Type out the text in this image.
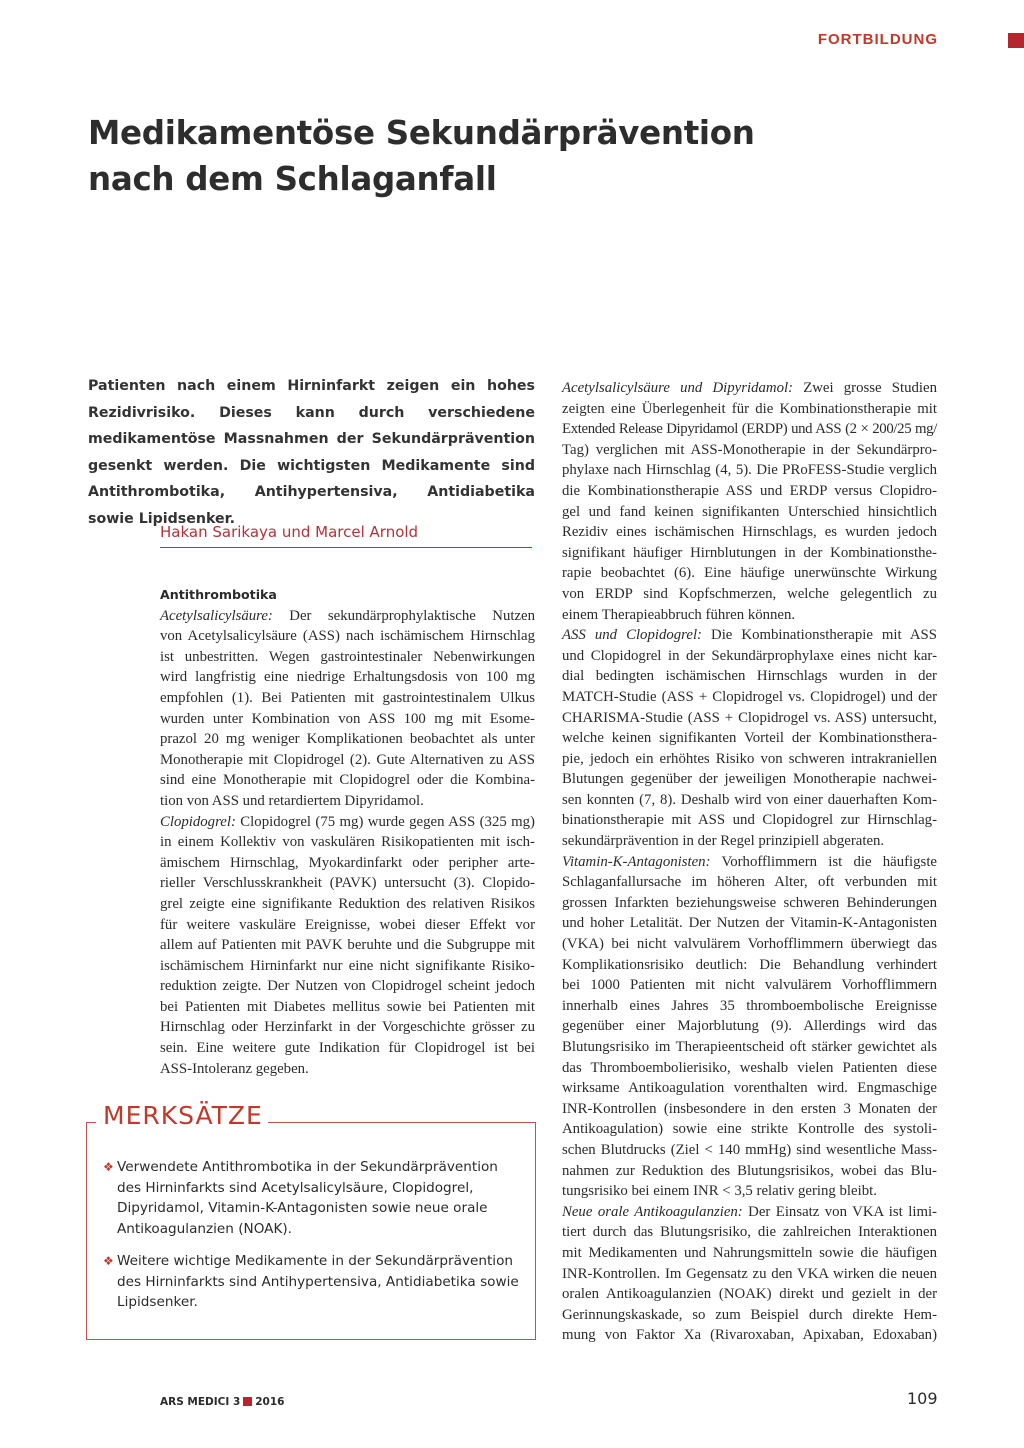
FORTBILDUNG
Medikamentöse Sekundärprävention
nach dem Schlaganfall
Patienten nach einem Hirninfarkt zeigen ein hohes Rezidivrisiko. Dieses kann durch verschiedene medikamentöse Massnahmen der Sekundärprävention gesenkt werden. Die wichtigsten Medikamente sind Antithrombotika, Antihypertensiva, Antidiabetika sowie Lipidsenker.
Hakan Sarikaya und Marcel Arnold
Antithrombotika

Acetylsalicylsäure: Der sekundärprophylaktische Nutzen

von Acetylsalicylsäure (ASS) nach ischämischem Hirnschlag

ist unbestritten. Wegen gastrointestinaler Nebenwirkungen

wird langfristig eine niedrige Erhaltungsdosis von 100 mg

empfohlen (1). Bei Patienten mit gastrointestinalem Ulkus

wurden unter Kombination von ASS 100 mg mit Esome-

prazol 20 mg weniger Komplikationen beobachtet als unter

Monotherapie mit Clopidrogel (2). Gute Alternativen zu ASS

sind eine Monotherapie mit Clopidogrel oder die Kombina-

tion von ASS und retardiertem Dipyridamol.

Clopidogrel: Clopidogrel (75 mg) wurde gegen ASS (325 mg)

in einem Kollektiv von vaskulären Risikopatienten mit isch-

ämischem Hirnschlag, Myokardinfarkt oder peripher arte-

rieller Verschlusskrankheit (PAVK) untersucht (3). Clopido-

grel zeigte eine signifikante Reduktion des relativen Risikos

für weitere vaskuläre Ereignisse, wobei dieser Effekt vor

allem auf Patienten mit PAVK beruhte und die Subgruppe mit

ischämischem Hirninfarkt nur eine nicht signifikante Risiko-

reduktion zeigte. Der Nutzen von Clopidrogel scheint jedoch

bei Patienten mit Diabetes mellitus sowie bei Patienten mit

Hirnschlag oder Herzinfarkt in der Vorgeschichte grösser zu

sein. Eine weitere gute Indikation für Clopidrogel ist bei

ASS-Intoleranz gegeben.

MERKSÄTZE
❖ Verwendete Antithrombotika in der Sekundärprävention
des Hirninfarkts sind Acetylsalicylsäure, Clopidogrel,
Dipyridamol, Vitamin-K-Antagonisten sowie neue orale
Antikoagulanzien (NOAK).
❖ Weitere wichtige Medikamente in der Sekundärprävention
des Hirninfarkts sind Antihypertensiva, Antidiabetika sowie
Lipidsenker.

Acetylsalicylsäure und Dipyridamol: Zwei grosse Studien

zeigten eine Überlegenheit für die Kombinationstherapie mit

Extended Release Dipyridamol (ERDP) und ASS (2 × 200/25 mg/

Tag) verglichen mit ASS-Monotherapie in der Sekundärpro-

phylaxe nach Hirnschlag (4, 5). Die PRoFESS-Studie verglich

die Kombinationstherapie ASS und ERDP versus Clopidro-

gel und fand keinen signifikanten Unterschied hinsichtlich

Rezidiv eines ischämischen Hirnschlags, es wurden jedoch

signifikant häufiger Hirnblutungen in der Kombinationsthe-

rapie beobachtet (6). Eine häufige unerwünschte Wirkung

von ERDP sind Kopfschmerzen, welche gelegentlich zu

einem Therapieabbruch führen können.

ASS und Clopidogrel: Die Kombinationstherapie mit ASS

und Clopidogrel in der Sekundärprophylaxe eines nicht kar-

dial bedingten ischämischen Hirnschlags wurden in der

MATCH-Studie (ASS + Clopidrogel vs. Clopidrogel) und der

CHARISMA-Studie (ASS + Clopidrogel vs. ASS) untersucht,

welche keinen signifikanten Vorteil der Kombinationsthera-

pie, jedoch ein erhöhtes Risiko von schweren intrakraniellen

Blutungen gegenüber der jeweiligen Monotherapie nachwei-

sen konnten (7, 8). Deshalb wird von einer dauerhaften Kom-

binationstherapie mit ASS und Clopidogrel zur Hirnschlag-

sekundärprävention in der Regel prinzipiell abgeraten.

Vitamin-K-Antagonisten: Vorhofflimmern ist die häufigste

Schlaganfallursache im höheren Alter, oft verbunden mit

grossen Infarkten beziehungsweise schweren Behinderungen

und hoher Letalität. Der Nutzen der Vitamin-K-Antagonisten

(VKA) bei nicht valvulärem Vorhofflimmern überwiegt das

Komplikationsrisiko deutlich: Die Behandlung verhindert

bei 1000 Patienten mit nicht valvulärem Vorhofflimmern

innerhalb eines Jahres 35 thromboembolische Ereignisse

gegenüber einer Majorblutung (9). Allerdings wird das

Blutungsrisiko im Therapieentscheid oft stärker gewichtet als

das Thromboembolierisiko, weshalb vielen Patienten diese

wirksame Antikoagulation vorenthalten wird. Engmaschige

INR-Kontrollen (insbesondere in den ersten 3 Monaten der

Antikoagulation) sowie eine strikte Kontrolle des systoli-

schen Blutdrucks (Ziel < 140 mmHg) sind wesentliche Mass-

nahmen zur Reduktion des Blutungsrisikos, wobei das Blu-

tungsrisiko bei einem INR < 3,5 relativ gering bleibt.

Neue orale Antikoagulanzien: Der Einsatz von VKA ist limi-

tiert durch das Blutungsrisiko, die zahlreichen Interaktionen

mit Medikamenten und Nahrungsmitteln sowie die häufigen

INR-Kontrollen. Im Gegensatz zu den VKA wirken die neuen

oralen Antikoagulanzien (NOAK) direkt und gezielt in der

Gerinnungskaskade, so zum Beispiel durch direkte Hem-

mung von Faktor Xa (Rivaroxaban, Apixaban, Edoxaban)

ARS MEDICI 3 2016	109
